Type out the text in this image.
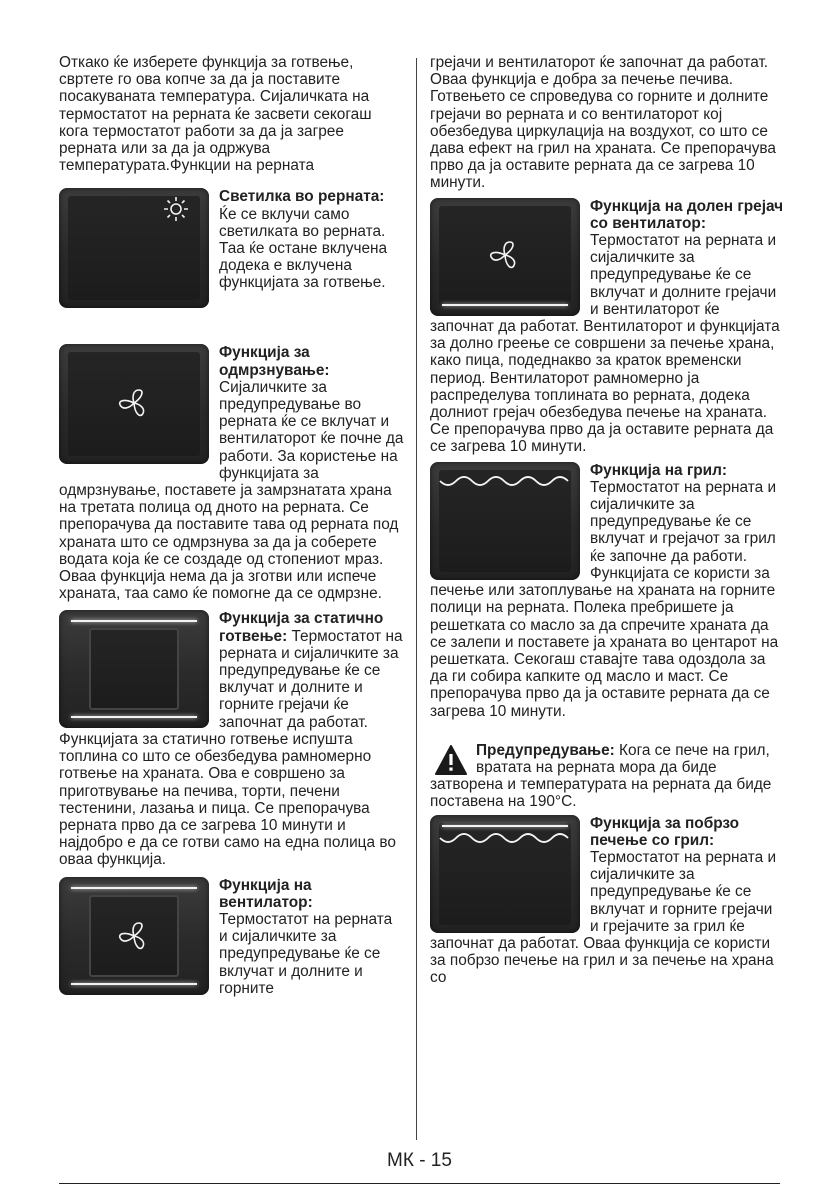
Откако ќе изберете функција за готвење, свртете го ова копче за да ја поставите посакуваната температура. Сијаличката на термостатот на рерната ќе засвети секогаш кога термостатот работи за да ја загрее рерната или за да ја одржува температурата.Функции на рерната

Светилка во рерната: Ќе се вклучи само светилката во рерната. Таа ќе остане вклучена додека е вклучена функцијата за готвење.

Функција за одмрзнување: Сијаличките за предупредување во рерната ќе се вклучат и вентилаторот ќе почне да работи. За користење на функцијата за одмрзнување, поставете ја замрзнатата храна на третата полица од дното на рерната. Се препорачува да поставите тава од рерната под храната што се одмрзнува за да ја соберете водата која ќе се создаде од стопениот мраз. Оваа функција нема да ја зготви или испече храната, таа само ќе помогне да се одмрзне.

Функција за статично готвење: Термостатот на рерната и сијаличките за предупредување ќе се вклучат и долните и горните грејачи ќе започнат да работат. Функцијата за статично готвење испушта топлина со што се обезбедува рамномерно готвење на храната. Ова е совршено за приготвување на печива, торти, печени тестенини, лазања и пица. Се препорачува рерната прво да се загрева 10 минути и најдобро е да се готви само на една полица во оваа функција.

Функција на вентилатор: Термостатот на рерната и сијаличките за предупредување ќе се вклучат и долните и горните

грејачи и вентилаторот ќе започнат да работат. Оваа функција е добра за печење печива. Готвењето се спроведува со горните и долните грејачи во рерната и со вентилаторот кој обезбедува циркулација на воздухот, со што се дава ефект на грил на храната. Се препорачува прво да ја оставите рерната да се загрева 10 минути.

Функција на долен грејач со вентилатор: Термостатот на рерната и сијаличките за предупредување ќе се вклучат и долните грејачи и вентилаторот ќе започнат да работат. Вентилаторот и функцијата за долно греење се совршени за печење храна, како пица, подеднакво за краток временски период. Вентилаторот рамномерно ја распределува топлината во рерната, додека долниот грејач обезбедува печење на храната. Се препорачува прво да ја оставите рерната да се загрева 10 минути.

Функција на грил: Термостатот на рерната и сијаличките за предупредување ќе се вклучат и грејачот за грил ќе започне да работи. Функцијата се користи за печење или затоплување на храната на горните полици на рерната. Полека пребришете ја решетката со масло за да спречите храната да се залепи и поставете ја храната во центарот на решетката. Секогаш ставајте тава одоздола за да ги собира капките од масло и маст. Се препорачува прво да ја оставите рерната да се загрева 10 минути.

Предупредување: Кога се пече на грил, вратата на рерната мора да биде затворена и температурата на рерната да биде поставена на 190°C.

Функција за побрзо печење со грил: Термостатот на рерната и сијаличките за предупредување ќе се вклучат и горните грејачи и грејачите за грил ќе започнат да работат. Оваа функција се користи за побрзо печење на грил и за печење на храна со

МК - 15
